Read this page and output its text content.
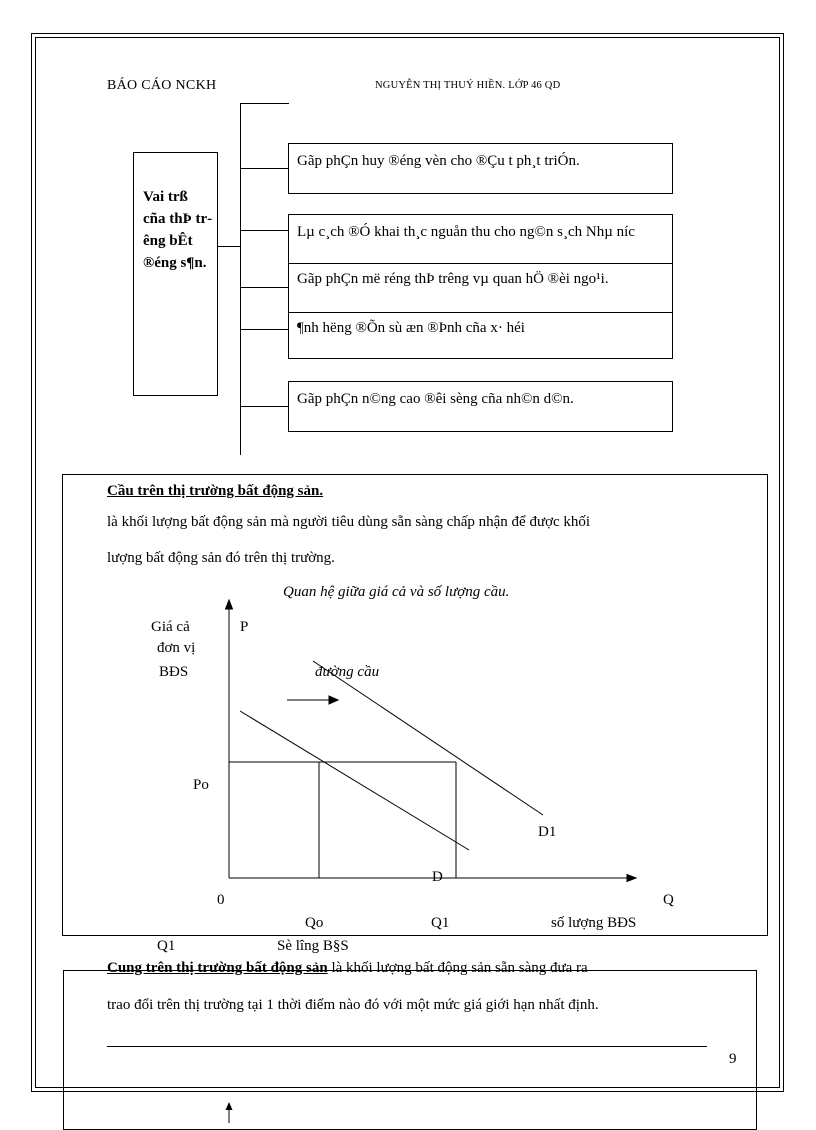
BÁO CÁO NCKH	NGUYỄN THỊ THUÝ HIỀN. LỚP 46 QD
Vai trß cña thÞ trêng bÊt ®éng s¶n.
Gãp phÇn huy ®éng vèn cho ®Çu t ph¸t triÓn.
Lµ c¸ch ®Ó khai th¸c nguån thu cho ng©n s¸ch Nhµ níc
Gãp phÇn më réng thÞ trêng vµ quan hÖ ®èi ngo¹i.
¶nh hëng ®Õn sù æn ®Þnh cña x· héi
Gãp phÇn n©ng cao ®êi sèng cña nh©n d©n.
Cầu trên thị trường bất động sản.
là khối lượng bất động sản mà người tiêu dùng sẵn sàng chấp nhận để được khối
lượng bất động sản đó trên thị trường.
Quan hệ giữa giá cả và số lượng cầu.
Giá cả
đơn vị
BĐS
P
đường cầu
Po
D1
D
0	Q
Qo	Q1	số lượng BĐS
Q1	Sè lîng B§S
Cung trên thị trường bất động sản là khối lượng bất động sản sẵn sàng đưa ra
trao đổi trên thị trường tại 1 thời điểm nào đó với một mức giá giới hạn nhất định.
9
